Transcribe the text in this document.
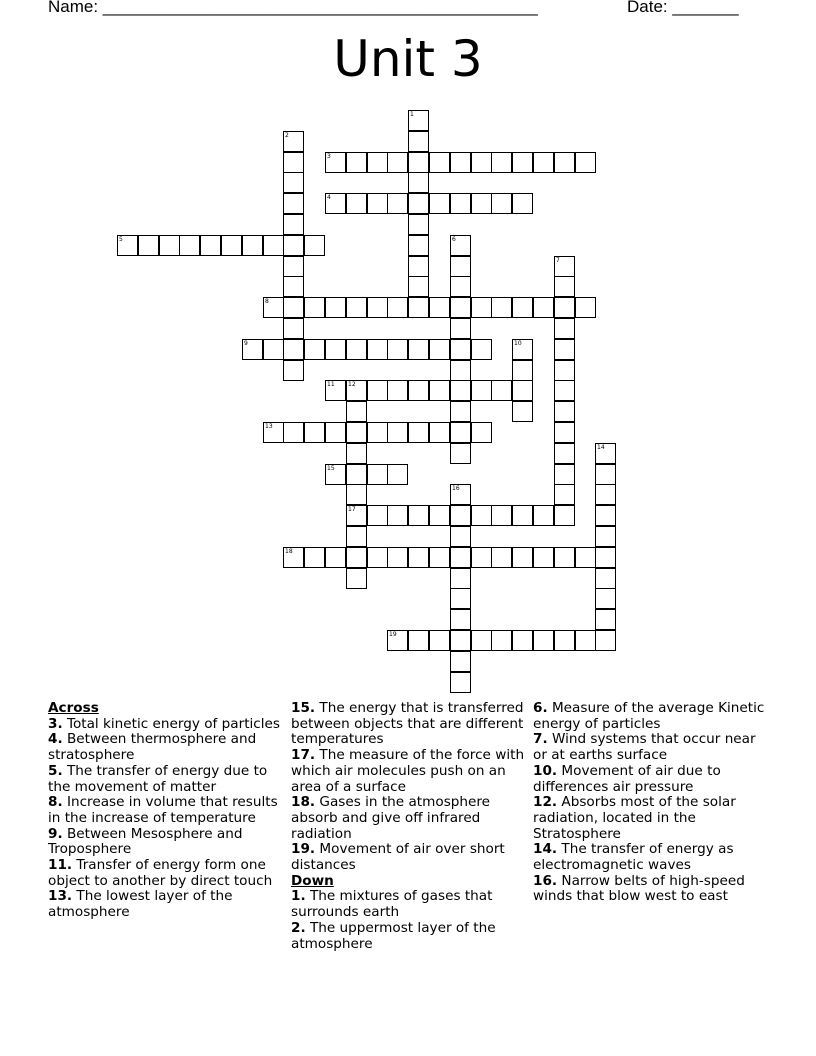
Name: ______________________________________________	Date: _______
Unit 3
1
2
3
4
5	6
7
8
9	10
11 12
17
13
14
15
16
18
19
Across
3. Total kinetic energy of particles
4. Between thermosphere and stratosphere
5. The transfer of energy due to the movement of matter
8. Increase in volume that results in the increase of temperature
9. Between Mesosphere and Troposphere
11. Transfer of energy form one object to another by direct touch
13. The lowest layer of the atmosphere
15. The energy that is transferred between objects that are different temperatures
17. The measure of the force with which air molecules push on an area of a surface
18. Gases in the atmosphere absorb and give off infrared radiation
19. Movement of air over short distances
Down
1. The mixtures of gases that surrounds earth
2. The uppermost layer of the atmosphere
6. Measure of the average Kinetic energy of particles
7. Wind systems that occur near or at earths surface
10. Movement of air due to differences air pressure
12. Absorbs most of the solar radiation, located in the Stratosphere
14. The transfer of energy as electromagnetic waves
16. Narrow belts of high-speed winds that blow west to east
